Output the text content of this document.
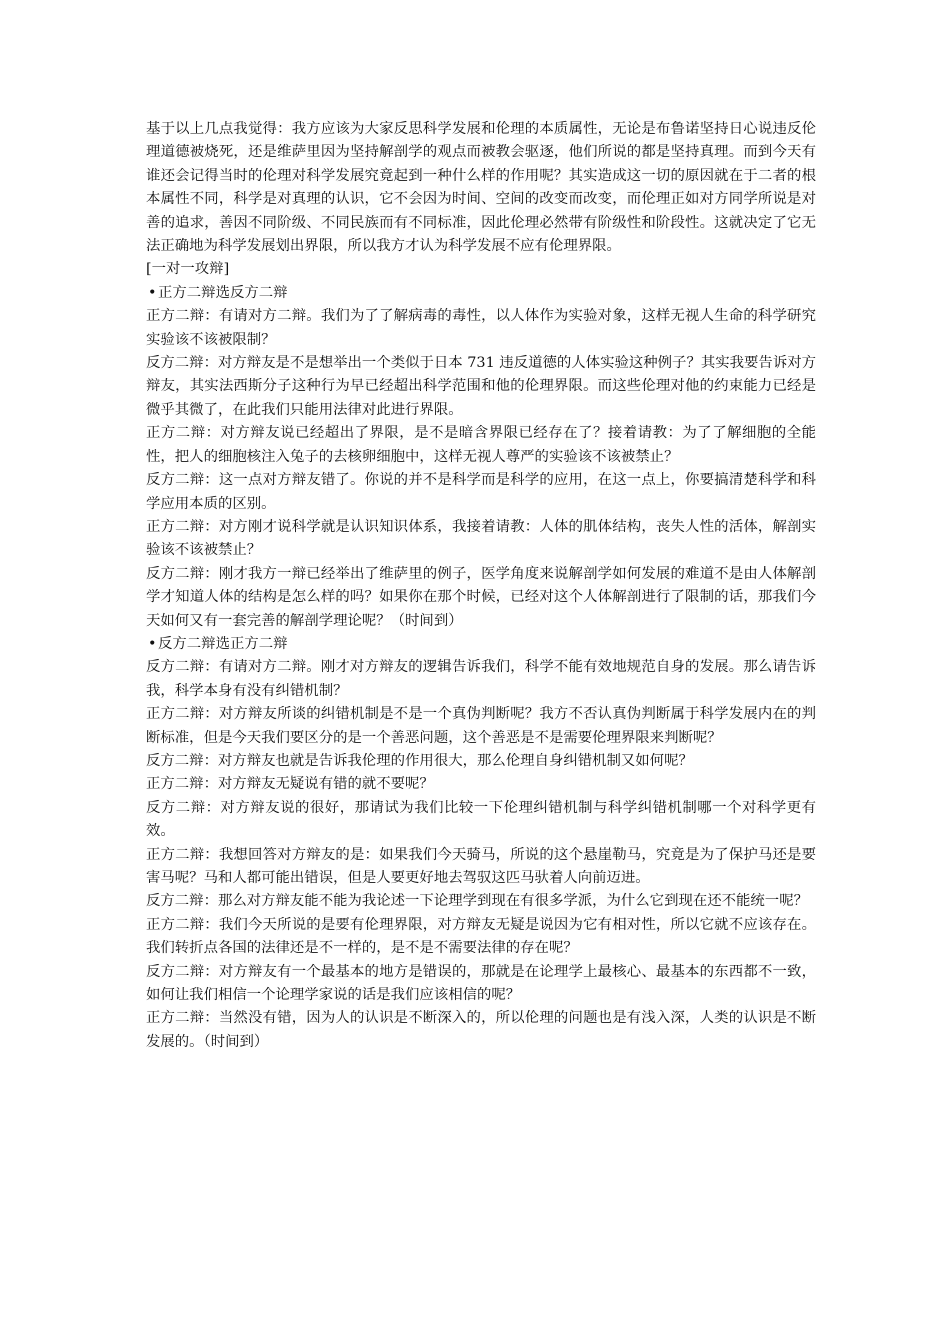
基于以上几点我觉得：我方应该为大家反思科学发展和伦理的本质属性，无论是布鲁诺坚持日心说违反伦理道德被烧死，还是维萨里因为坚持解剖学的观点而被教会驱逐，他们所说的都是坚持真理。而到今天有谁还会记得当时的伦理对科学发展究竟起到一种什么样的作用呢？其实造成这一切的原因就在于二者的根本属性不同，科学是对真理的认识，它不会因为时间、空间的改变而改变，而伦理正如对方同学所说是对善的追求，善因不同阶级、不同民族而有不同标准，因此伦理必然带有阶级性和阶段性。这就决定了它无法正确地为科学发展划出界限，所以我方才认为科学发展不应有伦理界限。

[一对一攻辩]

• 正方二辩选反方二辩

正方二辩：有请对方二辩。我们为了了解病毒的毒性，以人体作为实验对象，这样无视人生命的科学研究实验该不该被限制？

反方二辩：对方辩友是不是想举出一个类似于日本 731 违反道德的人体实验这种例子？其实我要告诉对方辩友，其实法西斯分子这种行为早已经超出科学范围和他的伦理界限。而这些伦理对他的约束能力已经是微乎其微了，在此我们只能用法律对此进行界限。

正方二辩：对方辩友说已经超出了界限，是不是暗含界限已经存在了？接着请教：为了了解细胞的全能性，把人的细胞核注入兔子的去核卵细胞中，这样无视人尊严的实验该不该被禁止？

反方二辩：这一点对方辩友错了。你说的并不是科学而是科学的应用，在这一点上，你要搞清楚科学和科学应用本质的区别。

正方二辩：对方刚才说科学就是认识知识体系，我接着请教：人体的肌体结构，丧失人性的活体，解剖实验该不该被禁止？

反方二辩：刚才我方一辩已经举出了维萨里的例子，医学角度来说解剖学如何发展的难道不是由人体解剖学才知道人体的结构是怎么样的吗？如果你在那个时候，已经对这个人体解剖进行了限制的话，那我们今天如何又有一套完善的解剖学理论呢？（时间到）

• 反方二辩选正方二辩

反方二辩：有请对方二辩。刚才对方辩友的逻辑告诉我们，科学不能有效地规范自身的发展。那么请告诉我，科学本身有没有纠错机制？

正方二辩：对方辩友所谈的纠错机制是不是一个真伪判断呢？我方不否认真伪判断属于科学发展内在的判断标准，但是今天我们要区分的是一个善恶问题，这个善恶是不是需要伦理界限来判断呢？

反方二辩：对方辩友也就是告诉我伦理的作用很大，那么伦理自身纠错机制又如何呢？

正方二辩：对方辩友无疑说有错的就不要呢？

反方二辩：对方辩友说的很好，那请试为我们比较一下伦理纠错机制与科学纠错机制哪一个对科学更有效。

正方二辩：我想回答对方辩友的是：如果我们今天骑马，所说的这个悬崖勒马，究竟是为了保护马还是要害马呢？马和人都可能出错误，但是人要更好地去驾驭这匹马驮着人向前迈进。

反方二辩：那么对方辩友能不能为我论述一下论理学到现在有很多学派，为什么它到现在还不能统一呢？

正方二辩：我们今天所说的是要有伦理界限，对方辩友无疑是说因为它有相对性，所以它就不应该存在。我们转折点各国的法律还是不一样的，是不是不需要法律的存在呢？

反方二辩：对方辩友有一个最基本的地方是错误的，那就是在论理学上最核心、最基本的东西都不一致，如何让我们相信一个论理学家说的话是我们应该相信的呢？

正方二辩：当然没有错，因为人的认识是不断深入的，所以伦理的问题也是有浅入深，人类的认识是不断发展的。（时间到）
